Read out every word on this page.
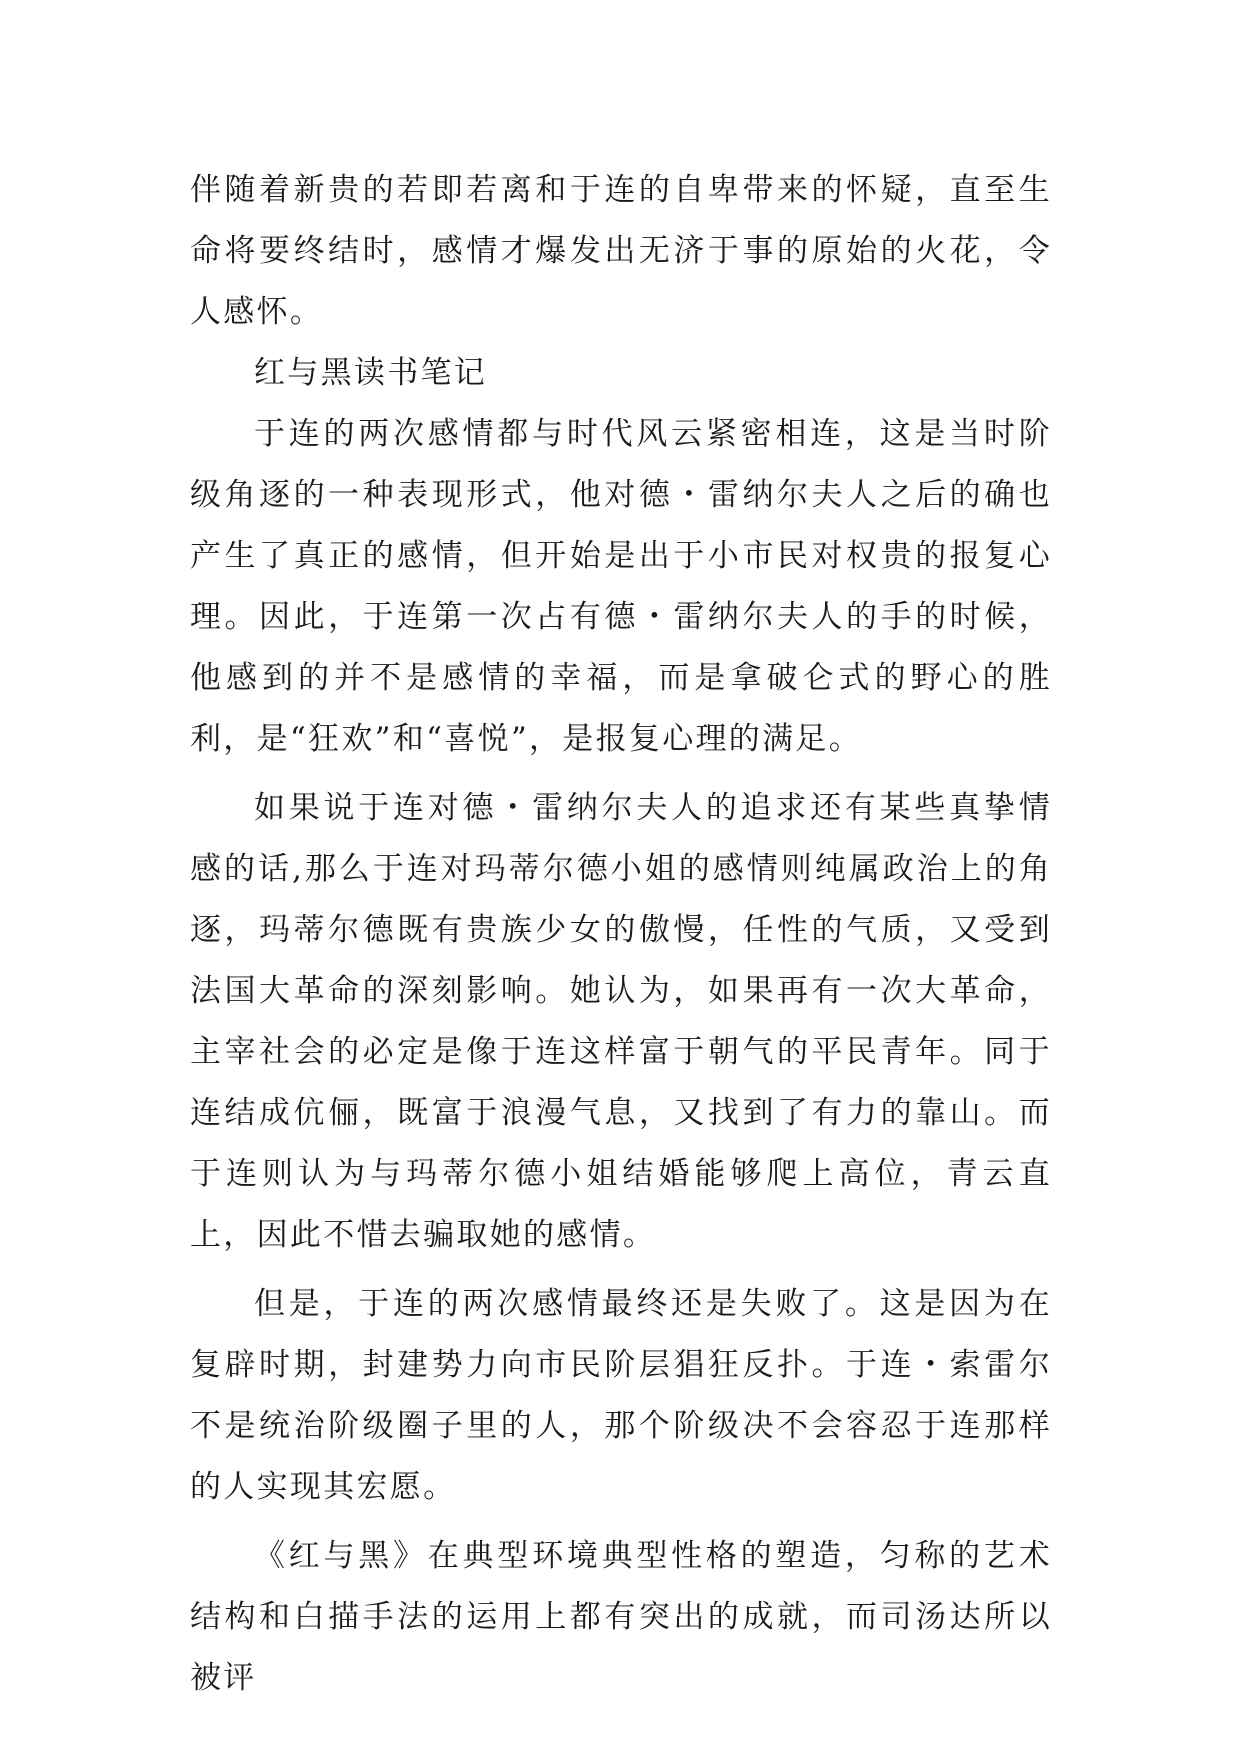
伴随着新贵的若即若离和于连的自卑带来的怀疑，直至生命将要终结时，感情才爆发出无济于事的原始的火花，令人感怀。

红与黑读书笔记

于连的两次感情都与时代风云紧密相连，这是当时阶级角逐的一种表现形式，他对德・雷纳尔夫人之后的确也产生了真正的感情，但开始是出于小市民对权贵的报复心理。因此，于连第一次占有德・雷纳尔夫人的手的时候，他感到的并不是感情的幸福，而是拿破仑式的野心的胜利，是“狂欢”和“喜悦”，是报复心理的满足。

如果说于连对德・雷纳尔夫人的追求还有某些真挚情感的话,那么于连对玛蒂尔德小姐的感情则纯属政治上的角逐，玛蒂尔德既有贵族少女的傲慢，任性的气质，又受到法国大革命的深刻影响。她认为，如果再有一次大革命，主宰社会的必定是像于连这样富于朝气的平民青年。同于连结成伉俪，既富于浪漫气息，又找到了有力的靠山。而于连则认为与玛蒂尔德小姐结婚能够爬上高位，青云直上，因此不惜去骗取她的感情。

但是，于连的两次感情最终还是失败了。这是因为在复辟时期，封建势力向市民阶层猖狂反扑。于连・索雷尔不是统治阶级圈子里的人，那个阶级决不会容忍于连那样的人实现其宏愿。

《红与黑》在典型环境典型性格的塑造，匀称的艺术结构和白描手法的运用上都有突出的成就，而司汤达所以被评
